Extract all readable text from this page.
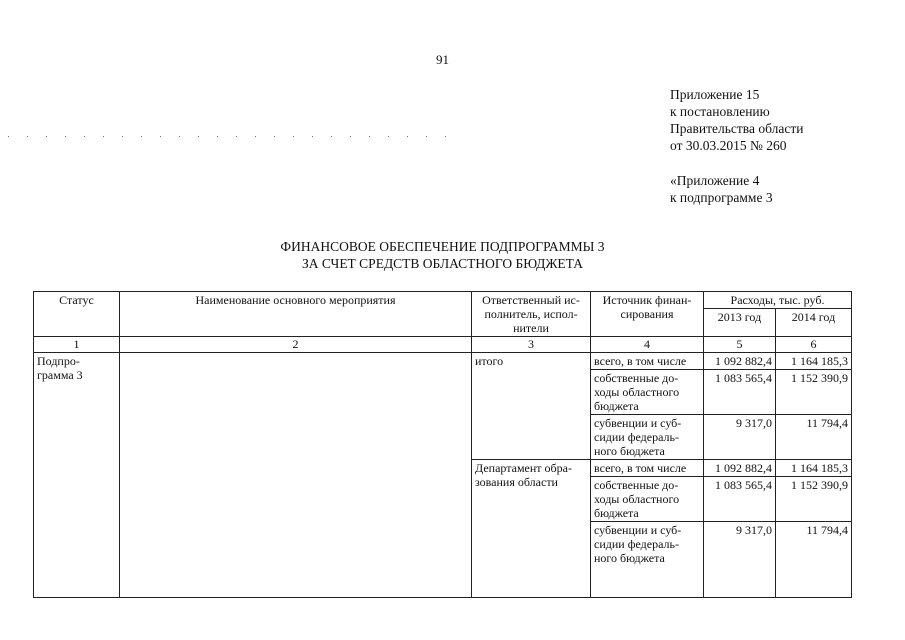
91
Приложение 15
к постановлению
Правительства области
от 30.03.2015 № 260
«Приложение 4
к подпрограмме 3
ФИНАНСОВОЕ ОБЕСПЕЧЕНИЕ ПОДПРОГРАММЫ 3
ЗА СЧЕТ СРЕДСТВ ОБЛАСТНОГО БЮДЖЕТА
Статус	Наименование основного мероприятия	Ответственный ис-полнитель, испол-нители	Источник финан-сирования	Расходы, тыс. руб.	
				2013 год	2014 год
1	2	3	4	5	6
Подпро-грамма 3		итого	всего, в том числе	1 092 882,4	1 164 185,3
			собственные до-ходы областного бюджета	1 083 565,4	1 152 390,9
			субвенции и суб-сидии федераль-ного бюджета	9 317,0	11 794,4
		Департамент обра-зования области	всего, в том числе	1 092 882,4	1 164 185,3
			собственные до-ходы областного бюджета	1 083 565,4	1 152 390,9
			субвенции и суб-сидии федераль-ного бюджета	9 317,0	11 794,4
